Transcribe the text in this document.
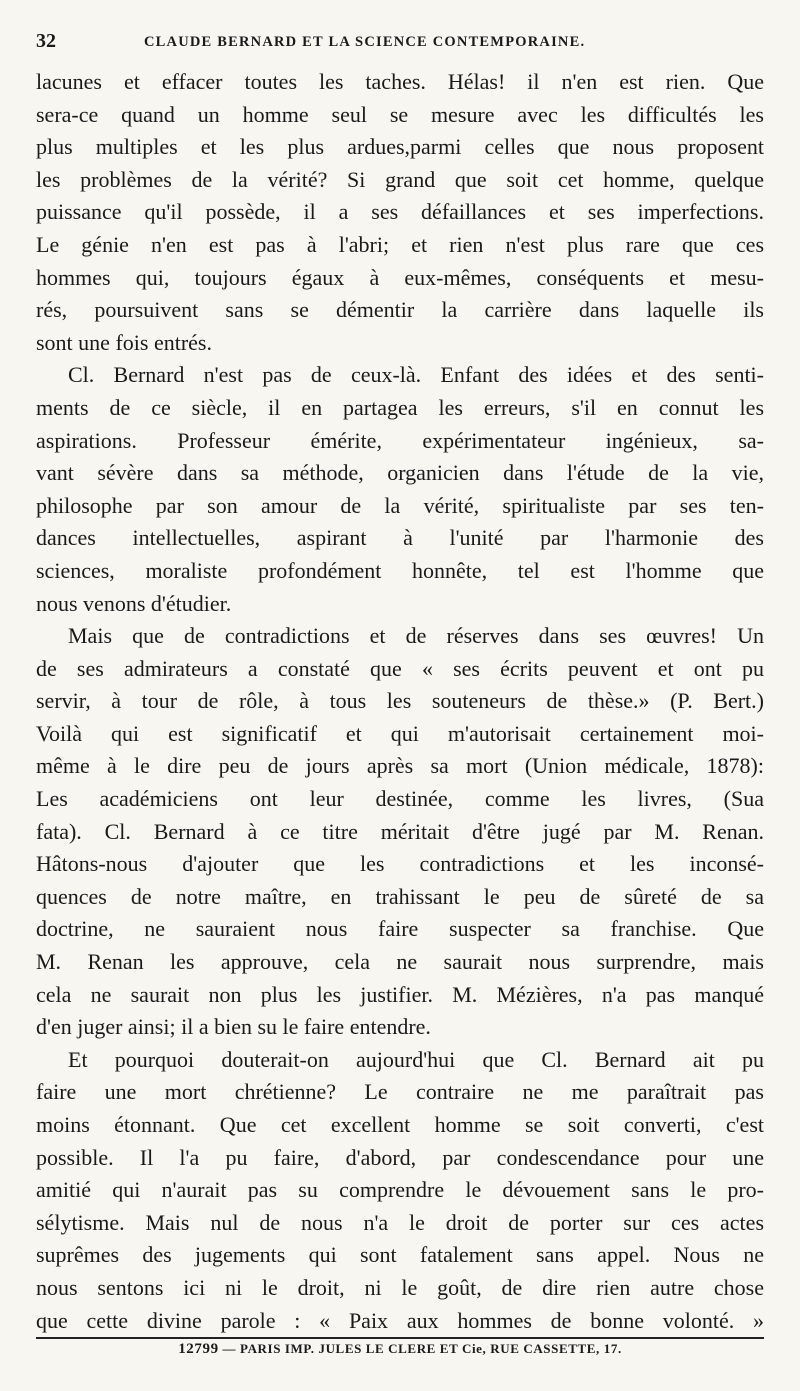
32	CLAUDE BERNARD ET LA SCIENCE CONTEMPORAINE.
lacunes et effacer toutes les taches. Hélas! il n'en est rien. Que
sera-ce quand un homme seul se mesure avec les difficultés les
plus multiples et les plus ardues,parmi celles que nous proposent
les problèmes de la vérité? Si grand que soit cet homme, quelque
puissance qu'il possède, il a ses défaillances et ses imperfections.
Le génie n'en est pas à l'abri; et rien n'est plus rare que ces
hommes qui, toujours égaux à eux-mêmes, conséquents et mesu-
rés, poursuivent sans se démentir la carrière dans laquelle ils
sont une fois entrés.
Cl. Bernard n'est pas de ceux-là. Enfant des idées et des senti-
ments de ce siècle, il en partagea les erreurs, s'il en connut les
aspirations. Professeur émérite, expérimentateur ingénieux, sa-
vant sévère dans sa méthode, organicien dans l'étude de la vie,
philosophe par son amour de la vérité, spiritualiste par ses ten-
dances intellectuelles, aspirant à l'unité par l'harmonie des
sciences, moraliste profondément honnête, tel est l'homme que
nous venons d'étudier.
Mais que de contradictions et de réserves dans ses œuvres! Un
de ses admirateurs a constaté que « ses écrits peuvent et ont pu
servir, à tour de rôle, à tous les souteneurs de thèse.» (P. Bert.)
Voilà qui est significatif et qui m'autorisait certainement moi-
même à le dire peu de jours après sa mort (Union médicale, 1878):
Les académiciens ont leur destinée, comme les livres, (Sua
fata). Cl. Bernard à ce titre méritait d'être jugé par M. Renan.
Hâtons-nous d'ajouter que les contradictions et les inconsé-
quences de notre maître, en trahissant le peu de sûreté de sa
doctrine, ne sauraient nous faire suspecter sa franchise. Que
M. Renan les approuve, cela ne saurait nous surprendre, mais
cela ne saurait non plus les justifier. M. Mézières, n'a pas manqué
d'en juger ainsi; il a bien su le faire entendre.
Et pourquoi douterait-on aujourd'hui que Cl. Bernard ait pu
faire une mort chrétienne? Le contraire ne me paraîtrait pas
moins étonnant. Que cet excellent homme se soit converti, c'est
possible. Il l'a pu faire, d'abord, par condescendance pour une
amitié qui n'aurait pas su comprendre le dévouement sans le pro-
sélytisme. Mais nul de nous n'a le droit de porter sur ces actes
suprêmes des jugements qui sont fatalement sans appel. Nous ne
nous sentons ici ni le droit, ni le goût, de dire rien autre chose
que cette divine parole : « Paix aux hommes de bonne volonté. »
12799 — PARIS IMP. JULES LE CLERE ET Cie, RUE CASSETTE, 17.
